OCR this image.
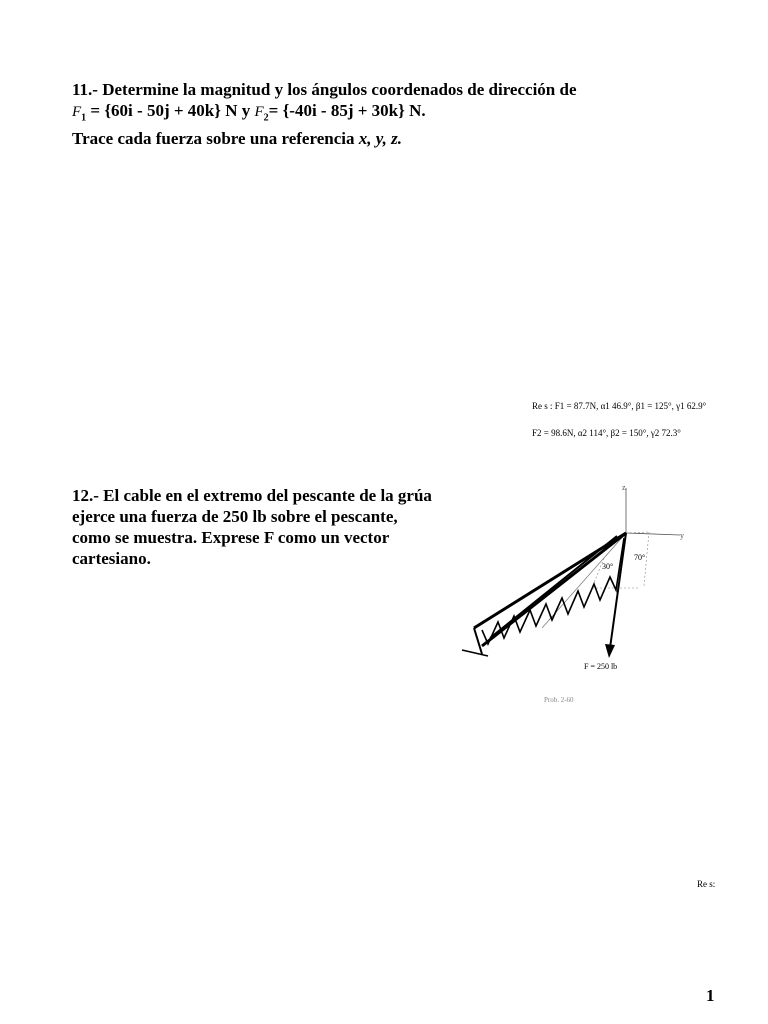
11.- Determine la magnitud y los ángulos coordenados de dirección de
$F_1 = \{60i - 50j + 40k\}$ N y $F_2= \{-40i - 85j + 30k\}$ N.
Trace cada fuerza sobre una referencia x, y, z.
Re s : F1 = 87.7N, α1 46.9°, β1 = 125°, γ1 62.9°
F2 = 98.6N, α2 114°, β2 = 150°, γ2 72.3°
12.- El cable en el extremo del pescante de la grúa ejerce una fuerza de 250 lb sobre el pescante, como se muestra. Exprese F como un vector cartesiano.
z
y
x
30°
70°
F = 250 lb
Prob. 2-60
Re s:
1
